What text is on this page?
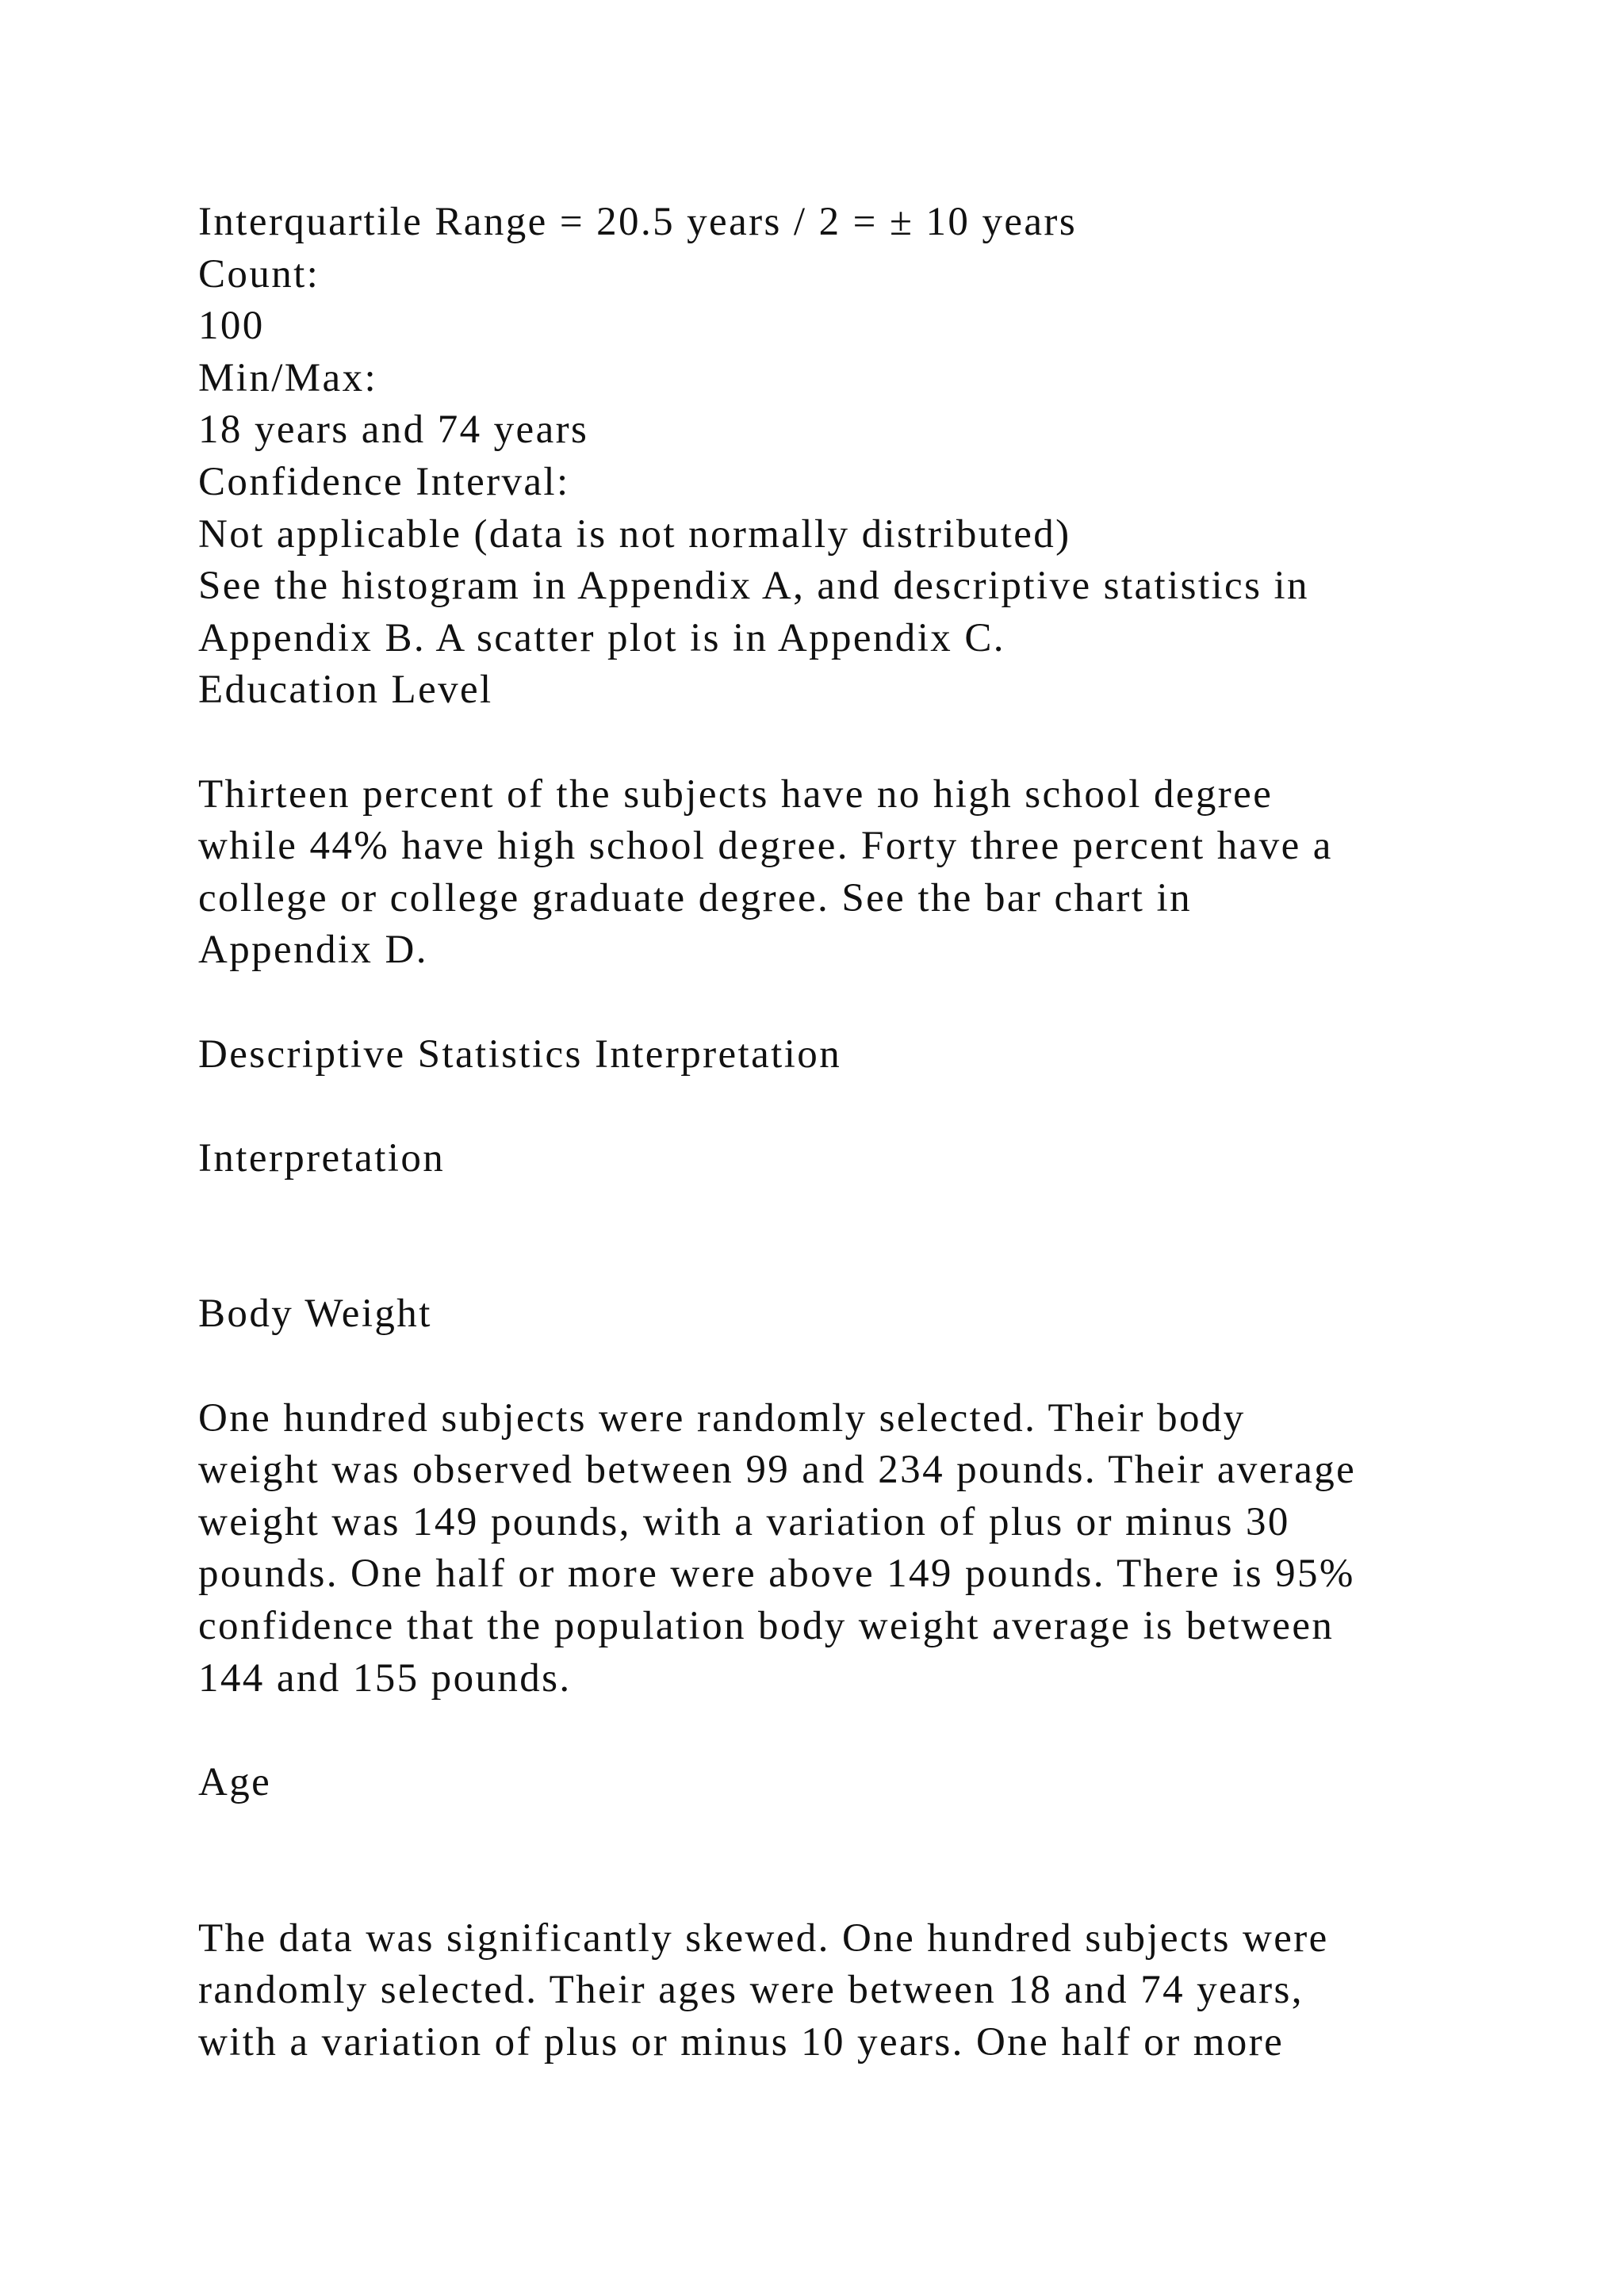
Interquartile Range = 20.5 years / 2 = ± 10 years
Count:
100
Min/Max:
18 years and 74 years
Confidence Interval:
Not applicable (data is not normally distributed)
See the histogram in Appendix A, and descriptive statistics in
Appendix B. A scatter plot is in Appendix C.
Education Level
Thirteen percent of the subjects have no high school degree
while 44% have high school degree. Forty three percent have a
college or college graduate degree. See the bar chart in
Appendix D.
Descriptive Statistics Interpretation
Interpretation
Body Weight
One hundred subjects were randomly selected. Their body
weight was observed between 99 and 234 pounds. Their average
weight was 149 pounds, with a variation of plus or minus 30
pounds. One half or more were above 149 pounds. There is 95%
confidence that the population body weight average is between
144 and 155 pounds.
Age
The data was significantly skewed. One hundred subjects were
randomly selected. Their ages were between 18 and 74 years,
with a variation of plus or minus 10 years. One half or more
